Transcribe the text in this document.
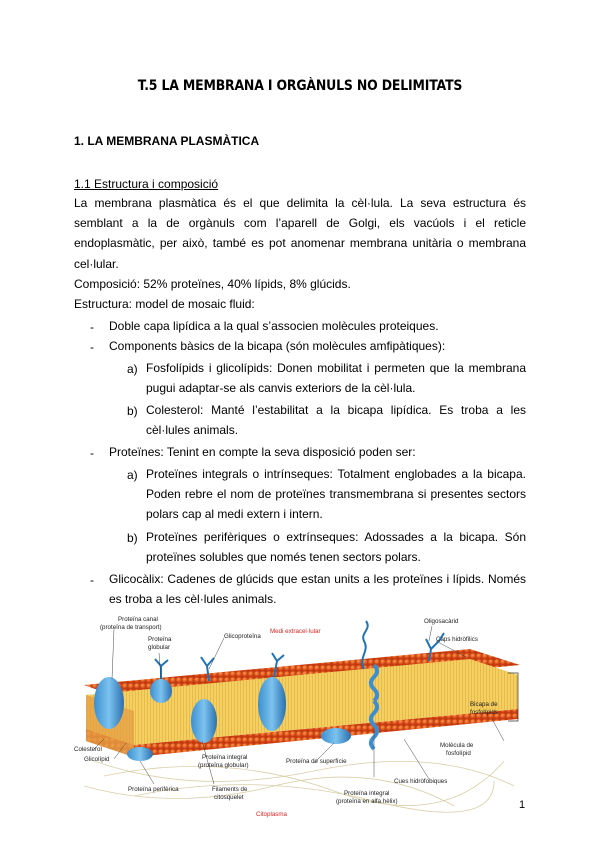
T.5 LA MEMBRANA I ORGÀNULS NO DELIMITATS
1. LA MEMBRANA PLASMÀTICA
1.1 Estructura i composició
La membrana plasmàtica és el que delimita la cèl·lula. La seva estructura és
semblant a la de orgànuls com l’aparell de Golgi, els vacúols i el reticle
endoplasmàtic, per això, també es pot anomenar membrana unitària o membrana
cel·lular.
Composició: 52% proteïnes, 40% lípids, 8% glúcids.
Estructura: model de mosaic fluid:
- Doble capa lipídica a la qual s’associen molècules proteiques.
- Components bàsics de la bicapa (són molècules amfipàtiques):
a) Fosfolípids i glicolípids: Donen mobilitat i permeten que la membrana
pugui adaptar-se als canvis exteriors de la cèl·lula.
b) Colesterol: Manté l’estabilitat a la bicapa lipídica. Es troba a les
cèl·lules animals.
- Proteïnes: Tenint en compte la seva disposició poden ser:
a) Proteïnes integrals o intrínseques: Totalment englobades a la bicapa.
Poden rebre el nom de proteïnes transmembrana si presentes sectors
polars cap al medi extern i intern.
b) Proteïnes perifèriques o extrínseques: Adossades a la bicapa. Són
proteïnes solubles que només tenen sectors polars.
- Glicocàlix: Cadenes de glúcids que estan units a les proteïnes i lípids. Només
es troba a les cèl·lules animals.
Proteïna canal
(proteïna de transport)
Proteïna
globular
Glicoproteïna
Medi extracel·lular
Oligosacàrid
Caps hidròfilics
Bicapa de
fosfolípids
Molècula de
fosfolípid
Cues hidròfobiques
Proteïna integral
(proteïna en alfa hèlix)
Citoplasma
Filaments de
citosquelet
Proteïna de superfície
Proteïna integral
(proteïna globular)
Colesterol
Glicolípid
Proteïna perifèrica
1
